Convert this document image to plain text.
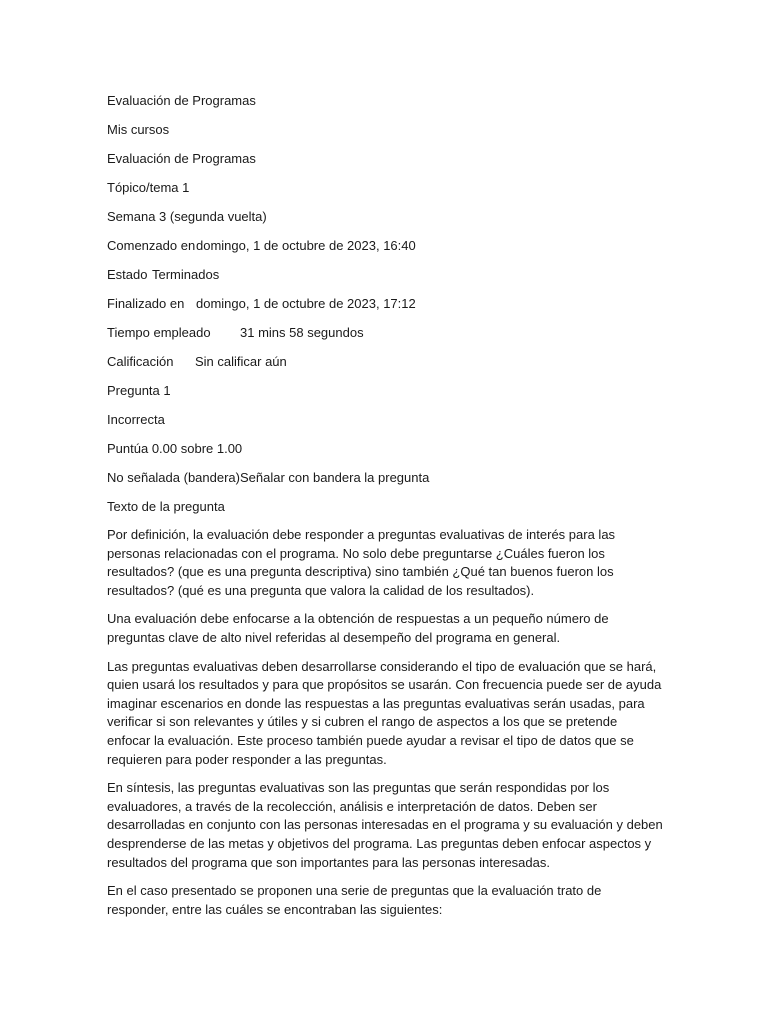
Evaluación de Programas

Mis cursos

Evaluación de Programas

Tópico/tema 1

Semana 3 (segunda vuelta)

Comenzado endomingo, 1 de octubre de 2023, 16:40

Estado Terminados

Finalizado en domingo, 1 de octubre de 2023, 17:12

Tiempo empleado 31 mins 58 segundos

Calificación Sin calificar aún

Pregunta 1

Incorrecta

Puntúa 0.00 sobre 1.00

No señalada (bandera)Señalar con bandera la pregunta

Texto de la pregunta

Por definición, la evaluación debe responder a preguntas evaluativas de interés para las personas relacionadas con el programa. No solo debe preguntarse ¿Cuáles fueron los resultados? (que es una pregunta descriptiva) sino también ¿Qué tan buenos fueron los resultados? (qué es una pregunta que valora la calidad de los resultados).

Una evaluación debe enfocarse a la obtención de respuestas a un pequeño número de preguntas clave de alto nivel referidas al desempeño del programa en general.

Las preguntas evaluativas deben desarrollarse considerando el tipo de evaluación que se hará, quien usará los resultados y para que propósitos se usarán. Con frecuencia puede ser de ayuda imaginar escenarios en donde las respuestas a las preguntas evaluativas serán usadas, para verificar si son relevantes y útiles y si cubren el rango de aspectos a los que se pretende enfocar la evaluación. Este proceso también puede ayudar a revisar el tipo de datos que se requieren para poder responder a las preguntas.

En síntesis, las preguntas evaluativas son las preguntas que serán respondidas por los evaluadores, a través de la recolección, análisis e interpretación de datos. Deben ser desarrolladas en conjunto con las personas interesadas en el programa y su evaluación y deben desprenderse de las metas y objetivos del programa. Las preguntas deben enfocar aspectos y resultados del programa que son importantes para las personas interesadas.

En el caso presentado se proponen una serie de preguntas que la evaluación trato de responder, entre las cuáles se encontraban las siguientes:
